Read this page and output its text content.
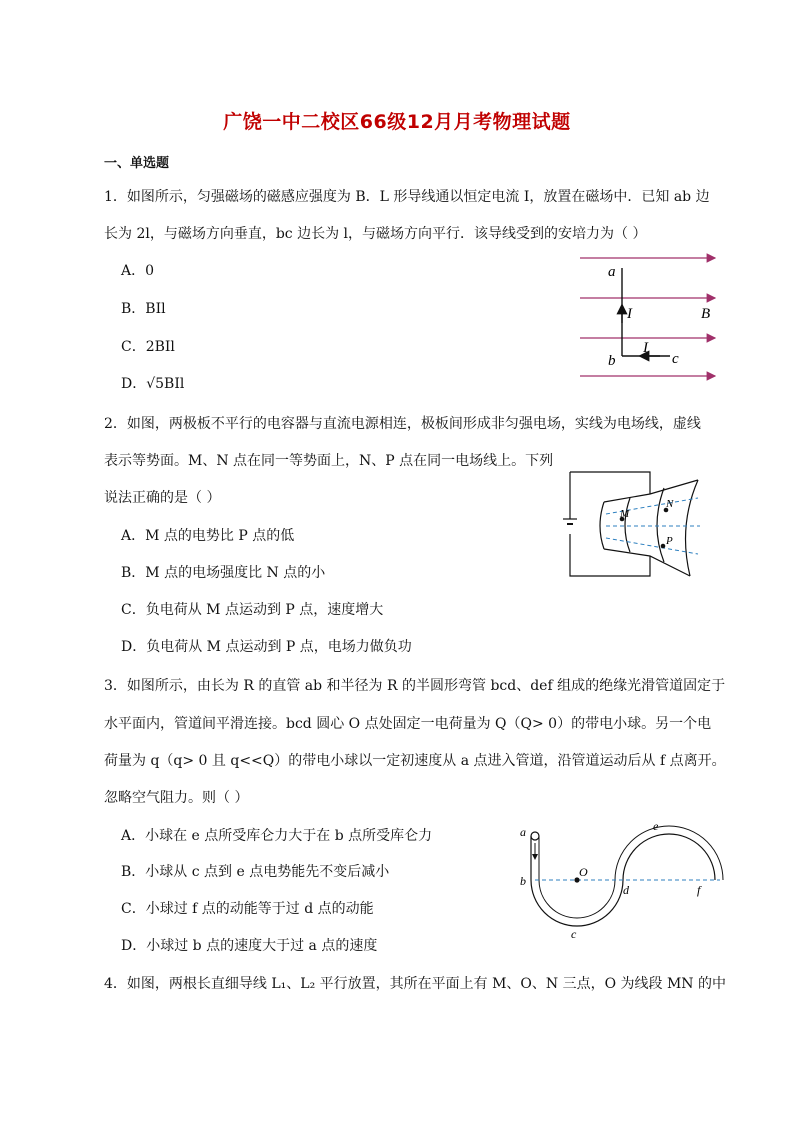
广饶一中二校区66级12月月考物理试题
一、单选题
1．如图所示，匀强磁场的磁感应强度为 B．L 形导线通以恒定电流 I，放置在磁场中．已知 ab 边
长为 2l，与磁场方向垂直，bc 边长为 l，与磁场方向平行．该导线受到的安培力为（ ）
A．0
B．BIl
C．2BIl
D．√5BIl
a
I	B
b
I
c
2．如图，两极板不平行的电容器与直流电源相连，极板间形成非匀强电场，实线为电场线，虚线
表示等势面。M、N 点在同一等势面上，N、P 点在同一电场线上。下列
说法正确的是（ ）
A．M 点的电势比 P 点的低
B．M 点的电场强度比 N 点的小
C．负电荷从 M 点运动到 P 点，速度增大
D．负电荷从 M 点运动到 P 点，电场力做负功
M
N
P
3．如图所示，由长为 R 的直管 ab 和半径为 R 的半圆形弯管 bcd、def 组成的绝缘光滑管道固定于
水平面内，管道间平滑连接。bcd 圆心 O 点处固定一电荷量为 Q（Q> 0）的带电小球。另一个电
荷量为 q（q> 0 且 q<<Q）的带电小球以一定初速度从 a 点进入管道，沿管道运动后从 f 点离开。
忽略空气阻力。则（ ）
A．小球在 e 点所受库仑力大于在 b 点所受库仑力
B．小球从 c 点到 e 点电势能先不变后减小
C．小球过 f 点的动能等于过 d 点的动能
D．小球过 b 点的速度大于过 a 点的速度
a
b
c
O
d
e
f
4．如图，两根长直细导线 L₁、L₂ 平行放置，其所在平面上有 M、O、N 三点，O 为线段 MN 的中
